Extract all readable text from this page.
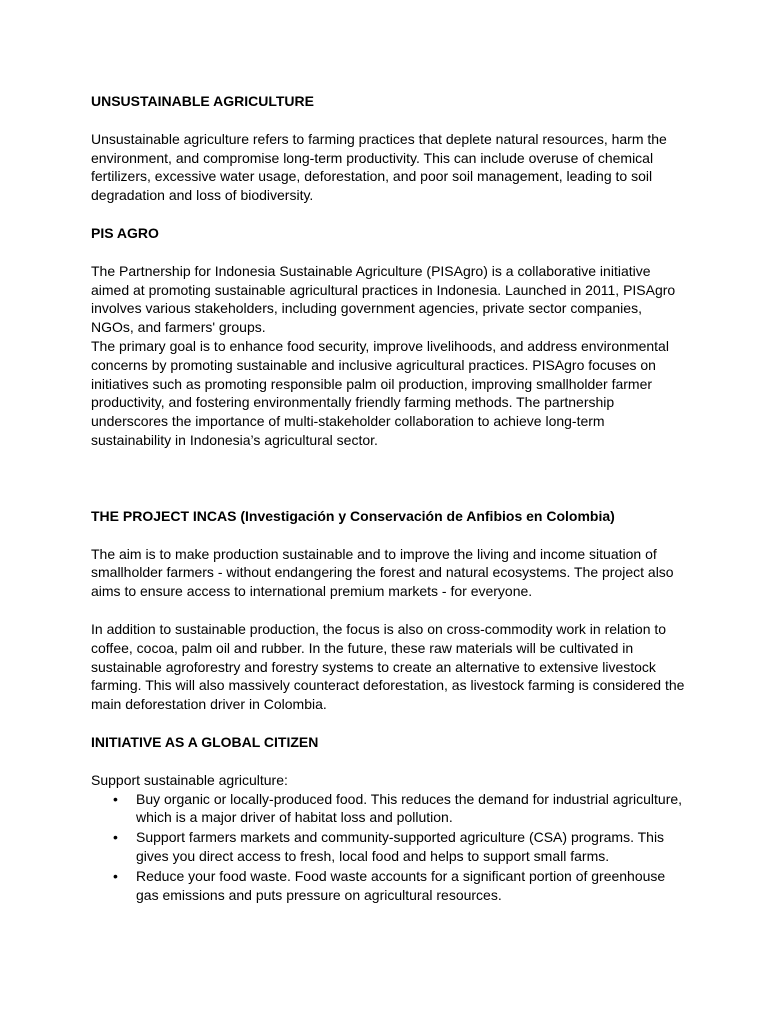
UNSUSTAINABLE AGRICULTURE

Unsustainable agriculture refers to farming practices that deplete natural resources, harm the environment, and compromise long-term productivity. This can include overuse of chemical fertilizers, excessive water usage, deforestation, and poor soil management, leading to soil degradation and loss of biodiversity.

PIS AGRO

The Partnership for Indonesia Sustainable Agriculture (PISAgro) is a collaborative initiative aimed at promoting sustainable agricultural practices in Indonesia. Launched in 2011, PISAgro involves various stakeholders, including government agencies, private sector companies, NGOs, and farmers' groups.

The primary goal is to enhance food security, improve livelihoods, and address environmental concerns by promoting sustainable and inclusive agricultural practices. PISAgro focuses on initiatives such as promoting responsible palm oil production, improving smallholder farmer productivity, and fostering environmentally friendly farming methods. The partnership underscores the importance of multi-stakeholder collaboration to achieve long-term sustainability in Indonesia’s agricultural sector.

THE PROJECT INCAS (Investigación y Conservación de Anfibios en Colombia)

The aim is to make production sustainable and to improve the living and income situation of smallholder farmers - without endangering the forest and natural ecosystems. The project also aims to ensure access to international premium markets - for everyone.

In addition to sustainable production, the focus is also on cross-commodity work in relation to coffee, cocoa, palm oil and rubber. In the future, these raw materials will be cultivated in sustainable agroforestry and forestry systems to create an alternative to extensive livestock farming. This will also massively counteract deforestation, as livestock farming is considered the main deforestation driver in Colombia.

INITIATIVE AS A GLOBAL CITIZEN

Support sustainable agriculture:

• Buy organic or locally-produced food. This reduces the demand for industrial agriculture, which is a major driver of habitat loss and pollution.
• Support farmers markets and community-supported agriculture (CSA) programs. This gives you direct access to fresh, local food and helps to support small farms.
• Reduce your food waste. Food waste accounts for a significant portion of greenhouse gas emissions and puts pressure on agricultural resources.
